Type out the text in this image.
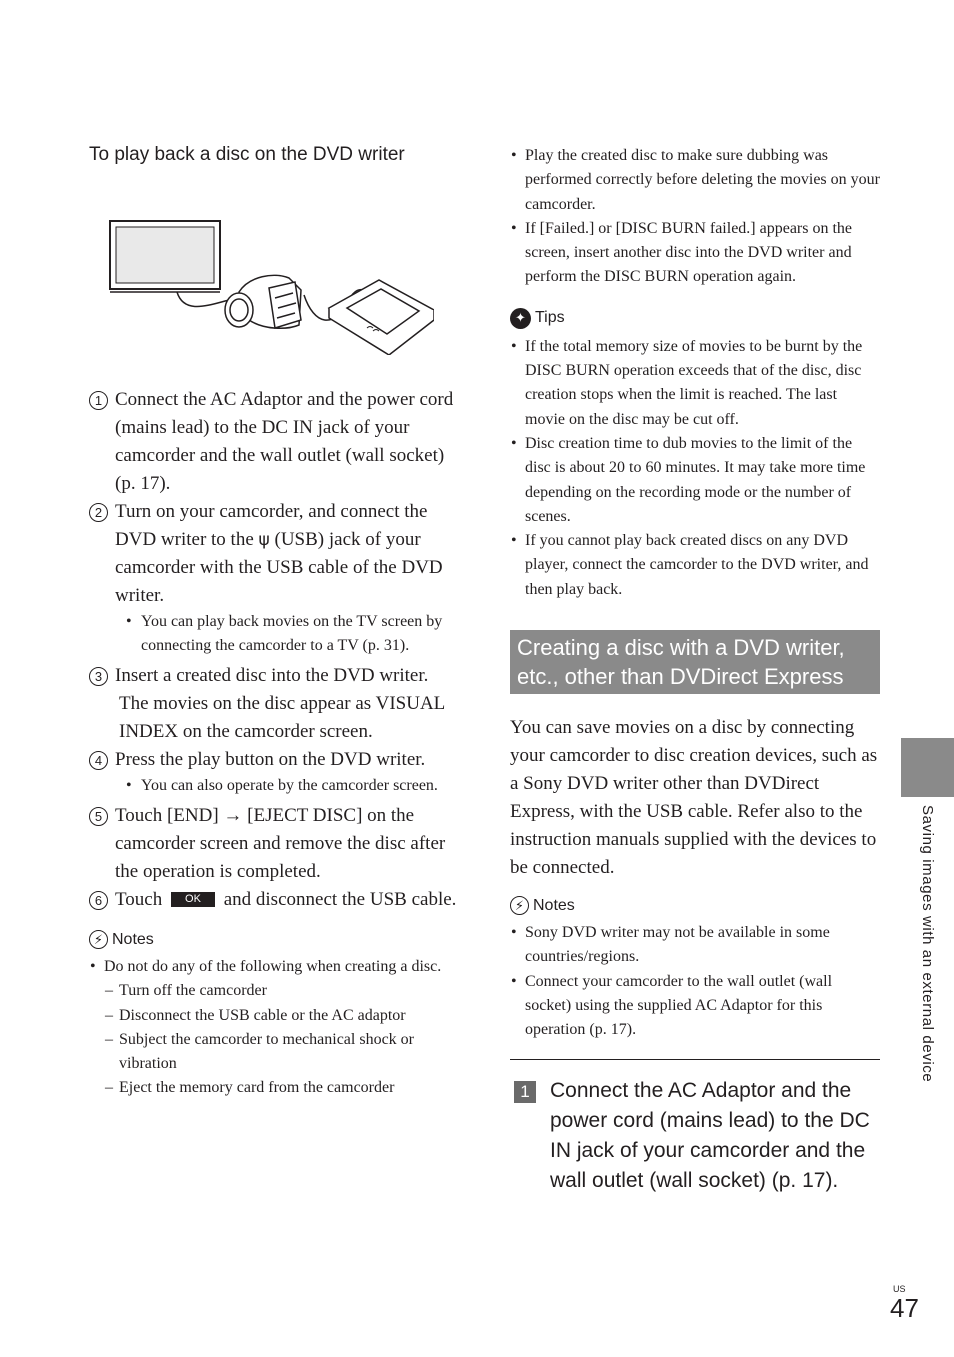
To play back a disc on the DVD writer
1 Connect the AC Adaptor and the power cord (mains lead) to the DC IN jack of your camcorder and the wall outlet (wall socket) (p. 17).
2 Turn on your camcorder, and connect the DVD writer to the ψ (USB) jack of your camcorder with the USB cable of the DVD writer.
• You can play back movies on the TV screen by connecting the camcorder to a TV (p. 31).
3 Insert a created disc into the DVD writer.
The movies on the disc appear as VISUAL INDEX on the camcorder screen.
4 Press the play button on the DVD writer.
• You can also operate by the camcorder screen.
5 Touch [END] → [EJECT DISC] on the camcorder screen and remove the disc after the operation is completed.
6 Touch OK and disconnect the USB cable.
⚡ Notes
• Do not do any of the following when creating a disc.
– Turn off the camcorder
– Disconnect the USB cable or the AC adaptor
– Subject the camcorder to mechanical shock or vibration
– Eject the memory card from the camcorder
• Play the created disc to make sure dubbing was performed correctly before deleting the movies on your camcorder.
• If [Failed.] or [DISC BURN failed.] appears on the screen, insert another disc into the DVD writer and perform the DISC BURN operation again.
✦ Tips
• If the total memory size of movies to be burnt by the DISC BURN operation exceeds that of the disc, disc creation stops when the limit is reached. The last movie on the disc may be cut off.
• Disc creation time to dub movies to the limit of the disc is about 20 to 60 minutes. It may take more time depending on the recording mode or the number of scenes.
• If you cannot play back created discs on any DVD player, connect the camcorder to the DVD writer, and then play back.
Creating a disc with a DVD writer, etc., other than DVDirect Express
You can save movies on a disc by connecting your camcorder to disc creation devices, such as a Sony DVD writer other than DVDirect Express, with the USB cable. Refer also to the instruction manuals supplied with the devices to be connected.
⚡ Notes
• Sony DVD writer may not be available in some countries/regions.
• Connect your camcorder to the wall outlet (wall socket) using the supplied AC Adaptor for this operation (p. 17).
1 Connect the AC Adaptor and the power cord (mains lead) to the DC IN jack of your camcorder and the wall outlet (wall socket) (p. 17).
Saving images with an external device
US
47
